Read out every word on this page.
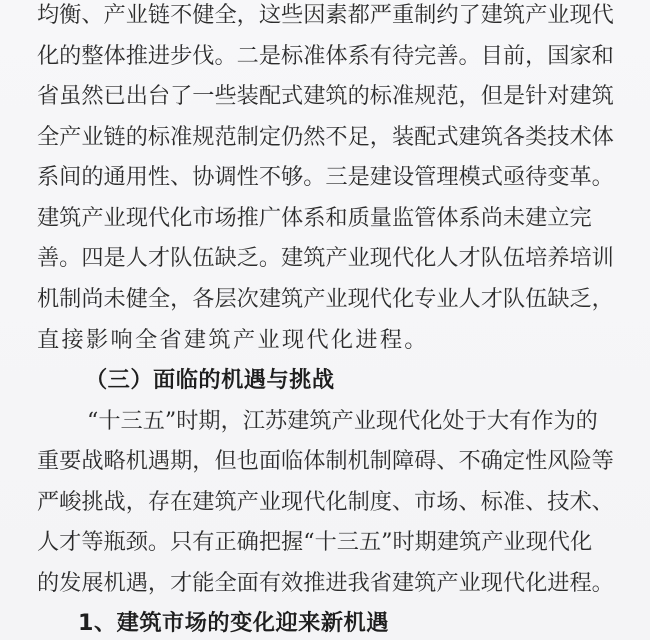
均衡、产业链不健全，这些因素都严重制约了建筑产业现代
化的整体推进步伐。二是标准体系有待完善。目前，国家和
省虽然已出台了一些装配式建筑的标准规范，但是针对建筑
全产业链的标准规范制定仍然不足，装配式建筑各类技术体
系间的通用性、协调性不够。三是建设管理模式亟待变革。
建筑产业现代化市场推广体系和质量监管体系尚未建立完
善。四是人才队伍缺乏。建筑产业现代化人才队伍培养培训
机制尚未健全，各层次建筑产业现代化专业人才队伍缺乏，
直接影响全省建筑产业现代化进程。
（三）面临的机遇与挑战
“十三五”时期，江苏建筑产业现代化处于大有作为的
重要战略机遇期，但也面临体制机制障碍、不确定性风险等
严峻挑战，存在建筑产业现代化制度、市场、标准、技术、
人才等瓶颈。只有正确把握“十三五”时期建筑产业现代化
的发展机遇，才能全面有效推进我省建筑产业现代化进程。
1、建筑市场的变化迎来新机遇
